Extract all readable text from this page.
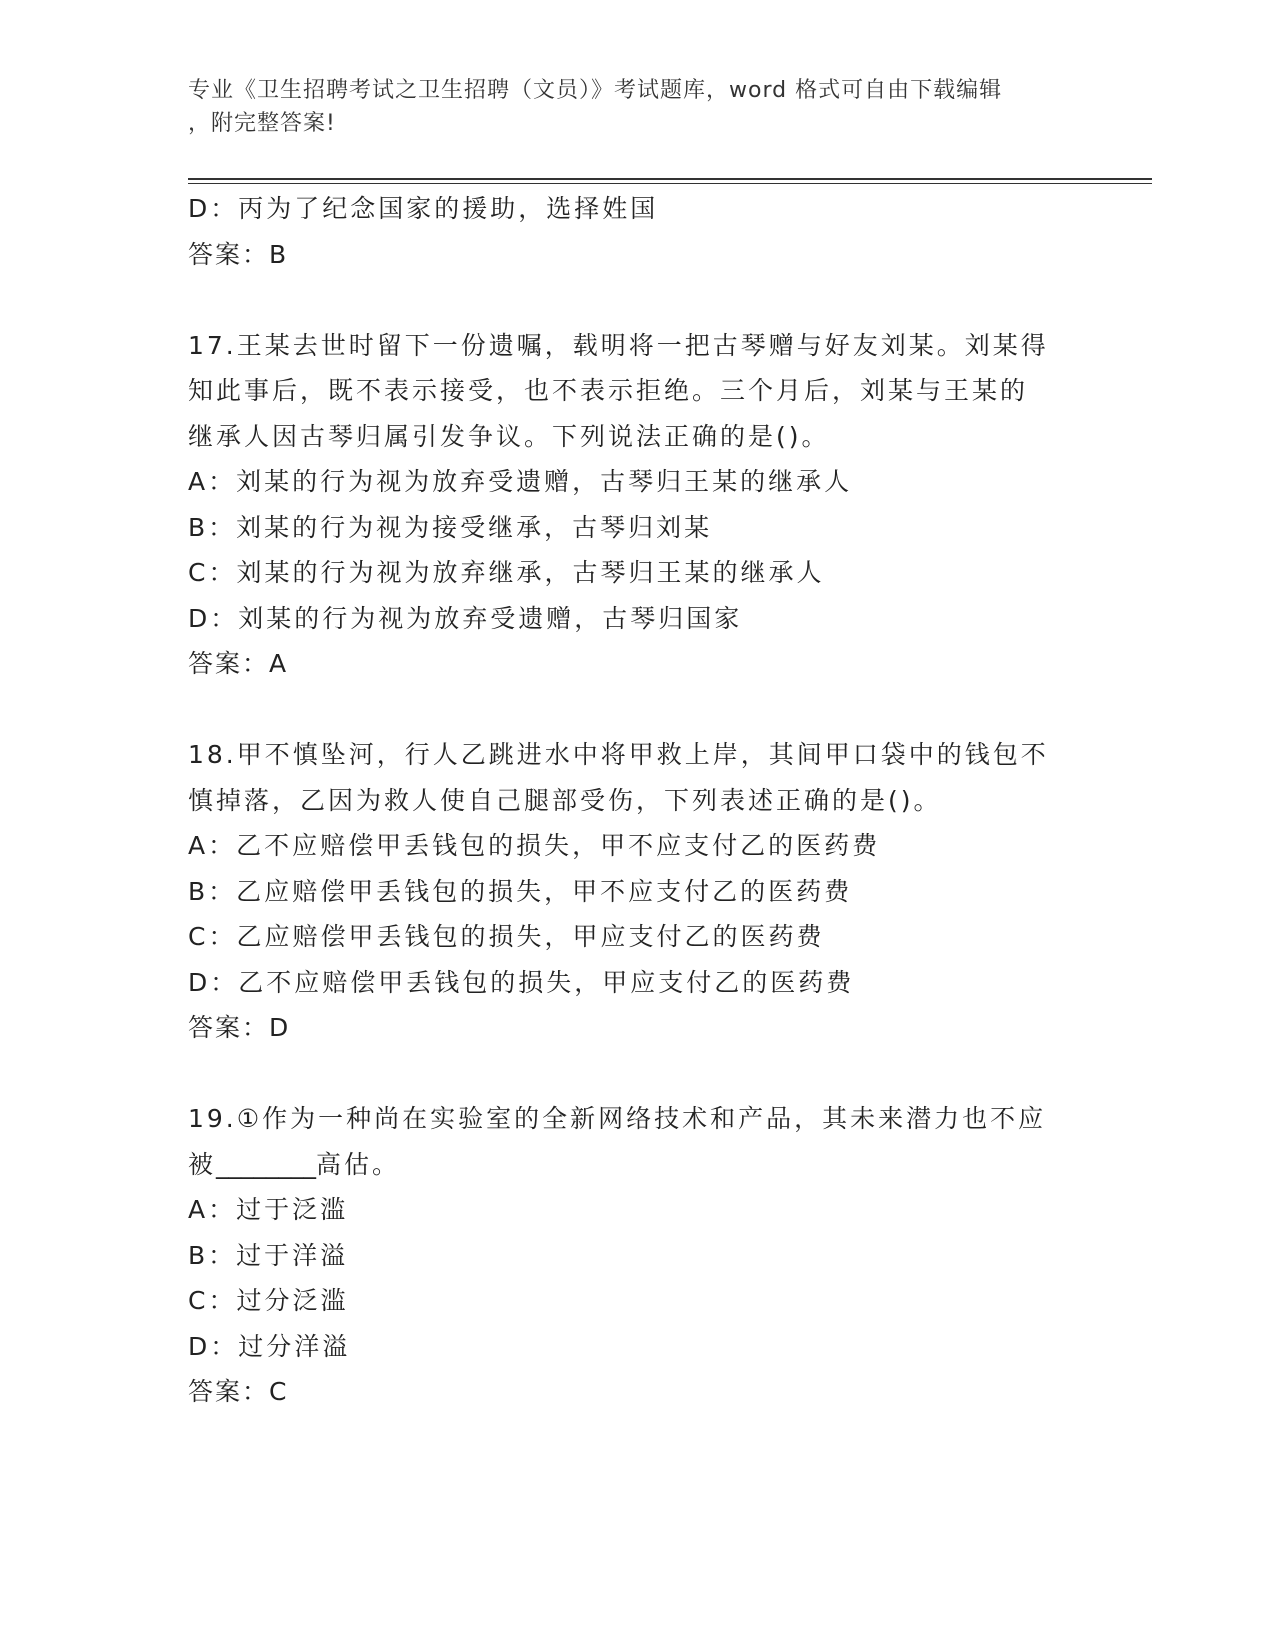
专业《卫生招聘考试之卫生招聘（文员）》考试题库，word 格式可自由下载编辑
，附完整答案!
D：丙为了纪念国家的援助，选择姓国
答案：B
17.王某去世时留下一份遗嘱，载明将一把古琴赠与好友刘某。刘某得
知此事后，既不表示接受，也不表示拒绝。三个月后，刘某与王某的
继承人因古琴归属引发争议。下列说法正确的是()。
A：刘某的行为视为放弃受遗赠，古琴归王某的继承人
B：刘某的行为视为接受继承，古琴归刘某
C：刘某的行为视为放弃继承，古琴归王某的继承人
D：刘某的行为视为放弃受遗赠，古琴归国家
答案：A
18.甲不慎坠河，行人乙跳进水中将甲救上岸，其间甲口袋中的钱包不
慎掉落，乙因为救人使自己腿部受伤，下列表述正确的是()。
A：乙不应赔偿甲丢钱包的损失，甲不应支付乙的医药费
B：乙应赔偿甲丢钱包的损失，甲不应支付乙的医药费
C：乙应赔偿甲丢钱包的损失，甲应支付乙的医药费
D：乙不应赔偿甲丢钱包的损失，甲应支付乙的医药费
答案：D
19.①作为一种尚在实验室的全新网络技术和产品，其未来潜力也不应
被________高估。
A：过于泛滥
B：过于洋溢
C：过分泛滥
D：过分洋溢
答案：C
